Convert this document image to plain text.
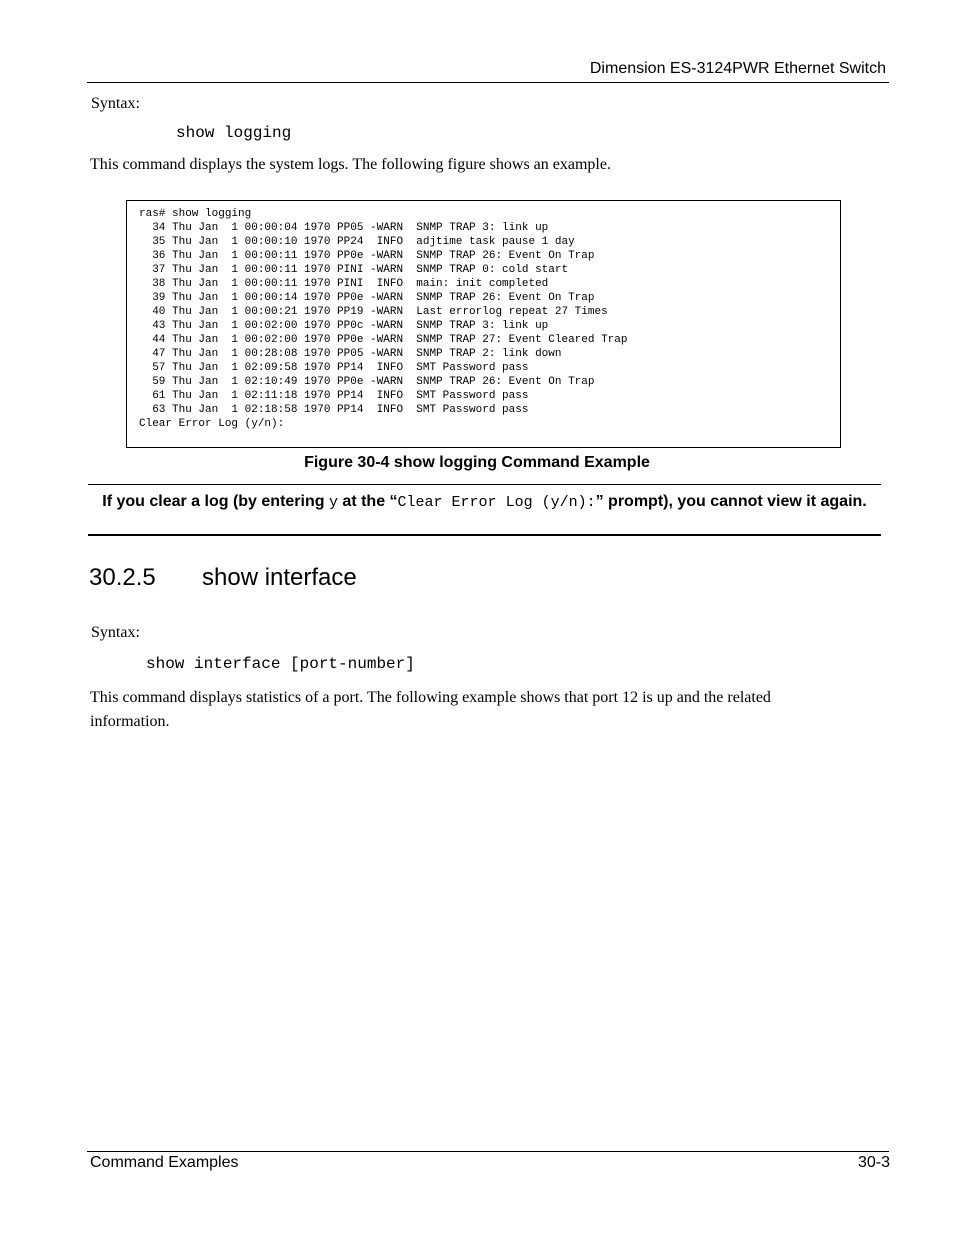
Dimension ES-3124PWR Ethernet Switch
Syntax:
show logging
This command displays the system logs. The following figure shows an example.
ras# show logging
34 Thu Jan  1 00:00:04 1970 PP05 -WARN  SNMP TRAP 3: link up
35 Thu Jan  1 00:00:10 1970 PP24  INFO  adjtime task pause 1 day
36 Thu Jan  1 00:00:11 1970 PP0e -WARN  SNMP TRAP 26: Event On Trap
37 Thu Jan  1 00:00:11 1970 PINI -WARN  SNMP TRAP 0: cold start
38 Thu Jan  1 00:00:11 1970 PINI  INFO  main: init completed
39 Thu Jan  1 00:00:14 1970 PP0e -WARN  SNMP TRAP 26: Event On Trap
40 Thu Jan  1 00:00:21 1970 PP19 -WARN  Last errorlog repeat 27 Times
43 Thu Jan  1 00:02:00 1970 PP0c -WARN  SNMP TRAP 3: link up
44 Thu Jan  1 00:02:00 1970 PP0e -WARN  SNMP TRAP 27: Event Cleared Trap
47 Thu Jan  1 00:28:08 1970 PP05 -WARN  SNMP TRAP 2: link down
57 Thu Jan  1 02:09:58 1970 PP14  INFO  SMT Password pass
59 Thu Jan  1 02:10:49 1970 PP0e -WARN  SNMP TRAP 26: Event On Trap
61 Thu Jan  1 02:11:18 1970 PP14  INFO  SMT Password pass
63 Thu Jan  1 02:18:58 1970 PP14  INFO  SMT Password pass
Clear Error Log (y/n):
Figure 30-4 show logging Command Example
If you clear a log (by entering y at the “Clear Error Log (y/n):” prompt), you cannot view it again.
30.2.5 show interface
Syntax:
show interface [port-number]
This command displays statistics of a port. The following example shows that port 12 is up and the related information.
Command Examples	30-3
